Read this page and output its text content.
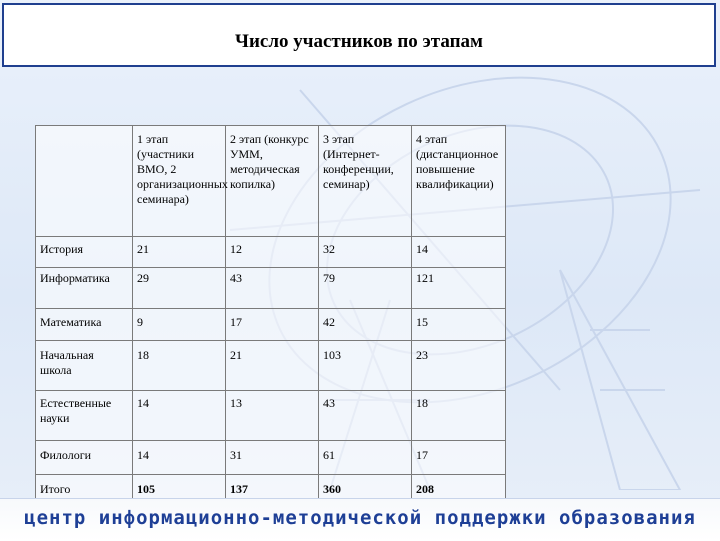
Число участников по этапам
	1 этап (участники ВМО, 2 организационных семинара)	2 этап (конкурс УММ, методическая копилка)	3 этап (Интернет-конференции, семинар)	4 этап (дистанционное повышение квалификации)
История	21	12	32	14
Информатика	29	43	79	121
Математика	9	17	42	15
Начальная школа	18	21	103	23
Естественные науки	14	13	43	18
Филологи	14	31	61	17
Итого	105	137	360	208
центр информационно-методической поддержки образования
